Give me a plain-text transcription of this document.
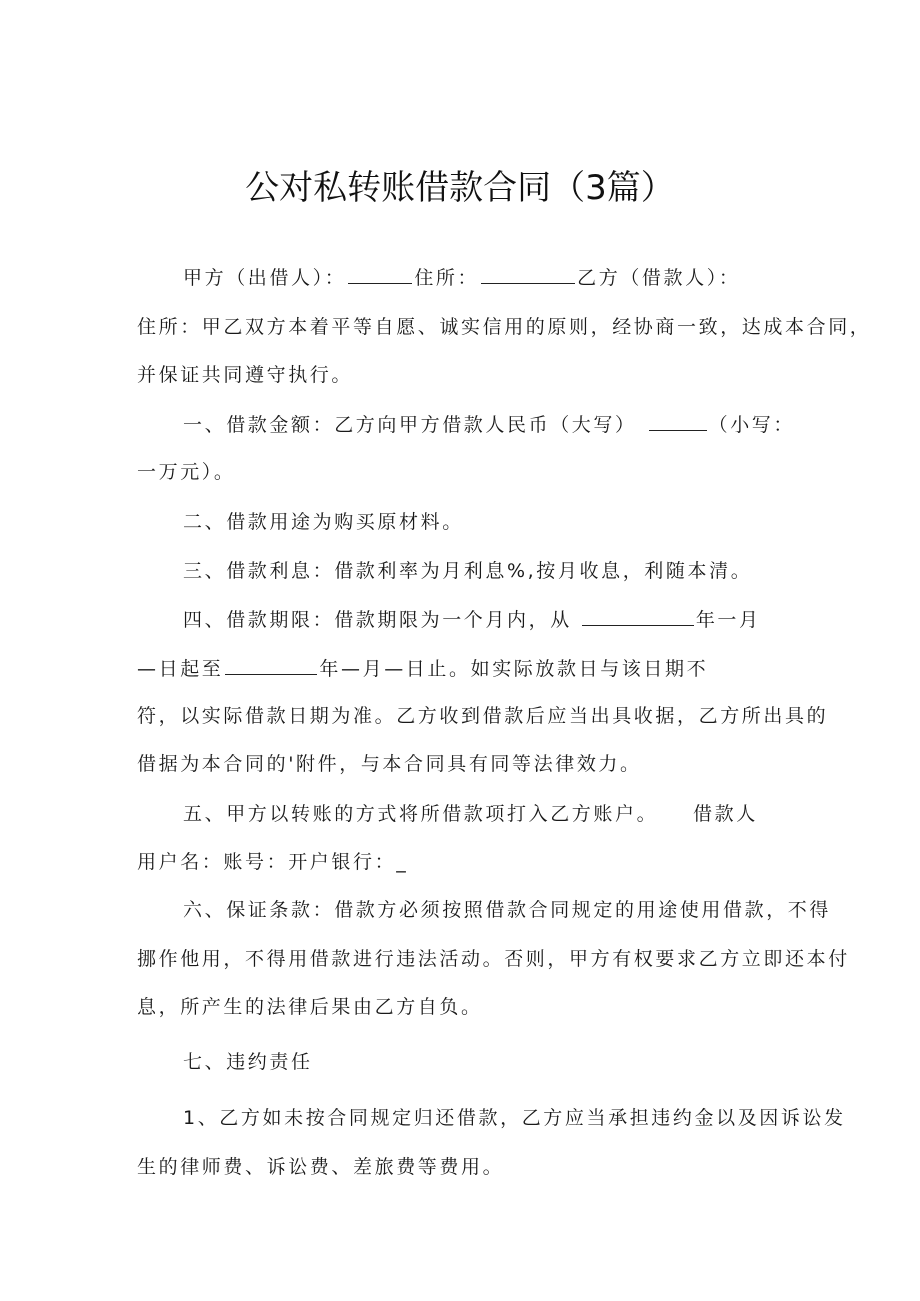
公对私转账借款合同（3篇）
甲方（出借人）：	住所：	乙方（借款人）：
住所：甲乙双方本着平等自愿、诚实信用的原则，经协商一致，达成本合同，
并保证共同遵守执行。
一、借款金额：乙方向甲方借款人民币（大写）	（小写：
一万元）。
二、借款用途为购买原材料。
三、借款利息：借款利率为月利息%,按月收息，利随本清。
四、借款期限：借款期限为一个月内，从	年一月
—日起至	年—月—日止。如实际放款日与该日期不
符，以实际借款日期为准。乙方收到借款后应当出具收据，乙方所出具的
借据为本合同的'附件，与本合同具有同等法律效力。
五、甲方以转账的方式将所借款项打入乙方账户。 借款人
用户名：账号：开户银行：_
六、保证条款：借款方必须按照借款合同规定的用途使用借款，不得
挪作他用，不得用借款进行违法活动。否则，甲方有权要求乙方立即还本付
息，所产生的法律后果由乙方自负。
七、违约责任
1、乙方如未按合同规定归还借款，乙方应当承担违约金以及因诉讼发
生的律师费、诉讼费、差旅费等费用。
